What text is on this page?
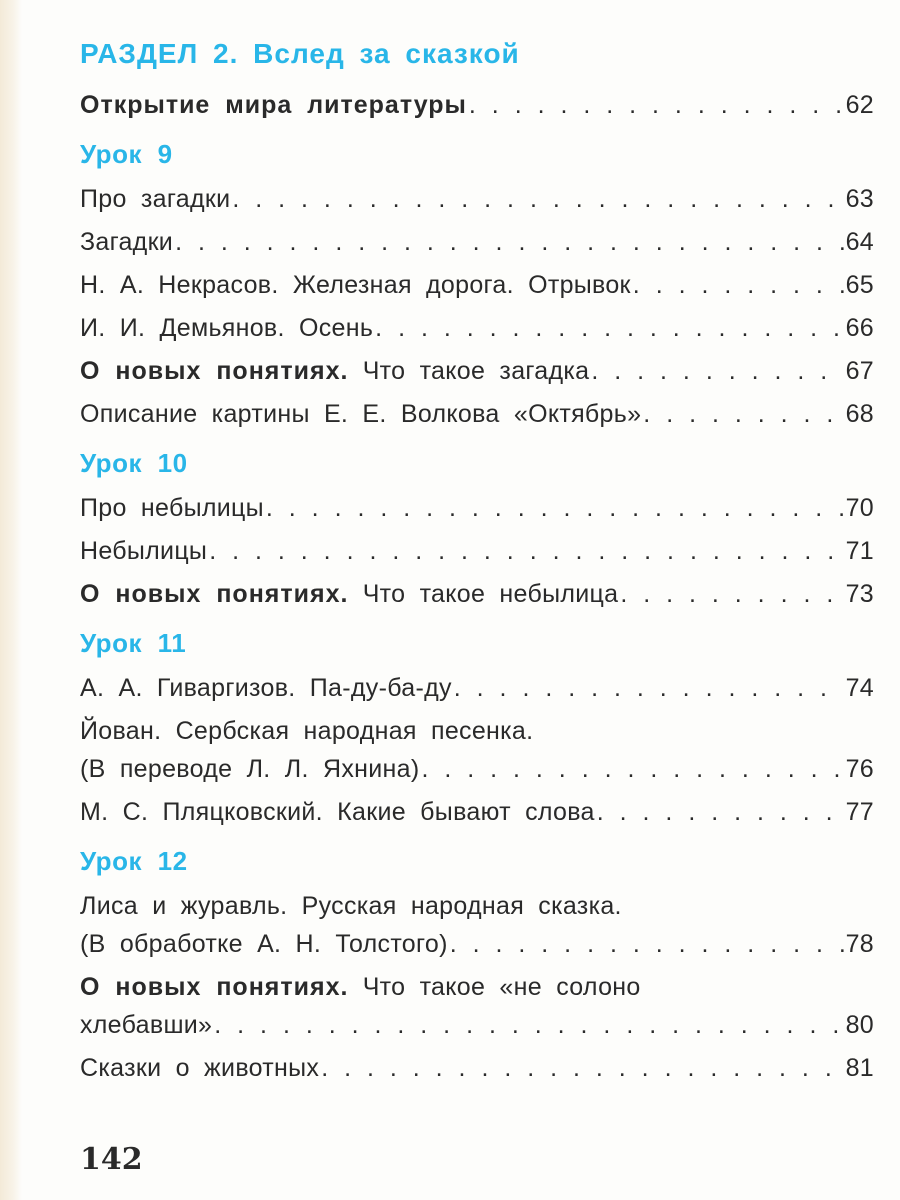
РАЗДЕЛ 2. Вслед за сказкой
Открытие мира литературы . . .	62
Урок 9
Про загадки . . .	63
Загадки . . .	64
Н. А. Некрасов. Железная дорога. Отрывок . . .	65
И. И. Демьянов. Осень . . .	66
О новых понятиях. Что такое загадка . . .	67
Описание картины Е. Е. Волкова «Октябрь» . . .	68
Урок 10
Про небылицы . . .	70
Небылицы . . .	71
О новых понятиях. Что такое небылица . . .	73
Урок 11
А. А. Гиваргизов. Па-ду-ба-ду . . .	74
Йован. Сербская народная песенка.
(В переводе Л. Л. Яхнина) . . .	76
М. С. Пляцковский. Какие бывают слова . . .	77
Урок 12
Лиса и журавль. Русская народная сказка.
(В обработке А. Н. Толстого) . . .	78
О новых понятиях. Что такое «не солоно
хлебавши» . . .	80
Сказки о животных . . .	81
142
